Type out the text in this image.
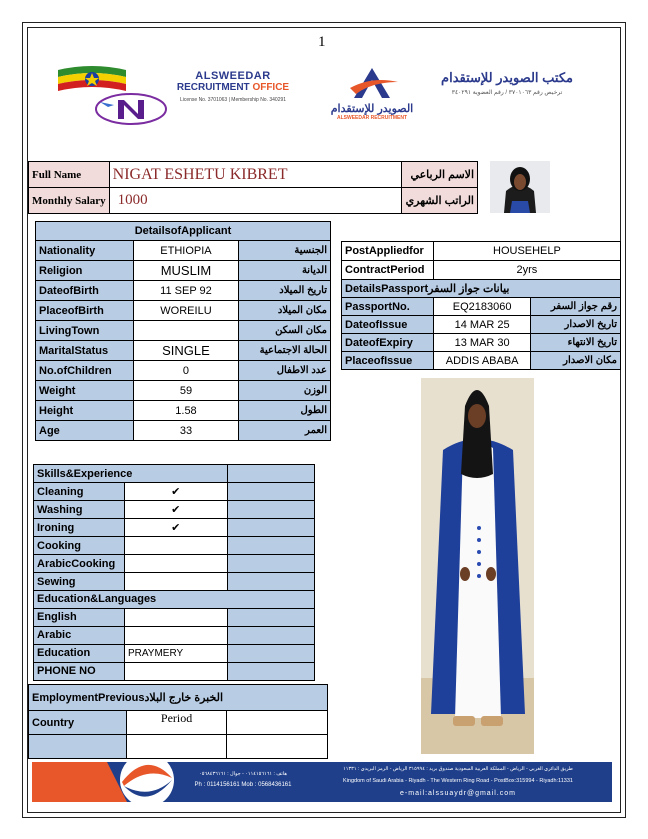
1
ALSWEEDAR
RECRUITMENT OFFICE
License No. 3701063 | Membership No. 340291
الصويدر للإستقدام
ALSWEEDAR RECRUITMENT
مكتب الصويدر للإستقدام
ترخيص رقم ٣٧٠١٠٦٣ / رقم العضوية ٣٤٠٢٩١
Full Name	NIGAT ESHETU KIBRET	الاسم الرباعي
Monthly Salary	1000	الراتب الشهري
DetailsofApplicant		
Nationality	ETHIOPIA	الجنسية
Religion	MUSLIM	الديانة
DateofBirth	11 SEP 92	تاريخ الميلاد
PlaceofBirth	WOREILU	مكان الميلاد
LivingTown		مكان السكن
MaritalStatus	SINGLE	الحالة الاجتماعية
No.ofChildren	0	عدد الاطفال
Weight	59	الوزن
Height	1.58	الطول
Age	33	العمر
PostAppliedfor	HOUSEHELP	
ContractPeriod	2yrs	
DetailsPassportبيانات جواز السفر		
PassportNo.	EQ2183060	رقم جواز السفر
DateofIssue	14 MAR 25	تاريخ الاصدار
DateofExpiry	13 MAR 30	تاريخ الانتهاء
PlaceofIssue	ADDIS ABABA	مكان الاصدار
Skills&Experience		
Cleaning	✔	
Washing	✔	
Ironing	✔	
Cooking		
ArabicCooking		
Sewing		
Education&Languages		
English		
Arabic		
Education	PRAYMERY	
PHONE NO		
EmploymentPreviousالخبرة خارج البلاد		
Country	Period	

هاتف : ٠١١٤١٥٦١٦١ - جوال : ٠٥٦٨٤٣٦١٦١
Ph : 0114156161 Mob : 0568436161
طريق الدائري الغربي - الرياض - المملكة العربية السعودية صندوق بريد : ٣١٥٩٩٤ الرياض - الرمز البريدي : ١١٣٣١
Kingdom of Saudi Arabia - Riyadh - The Western Ring Road - PostBox:315994 - Riyadh:11331
e-mail:alssuaydr@gmail.com
